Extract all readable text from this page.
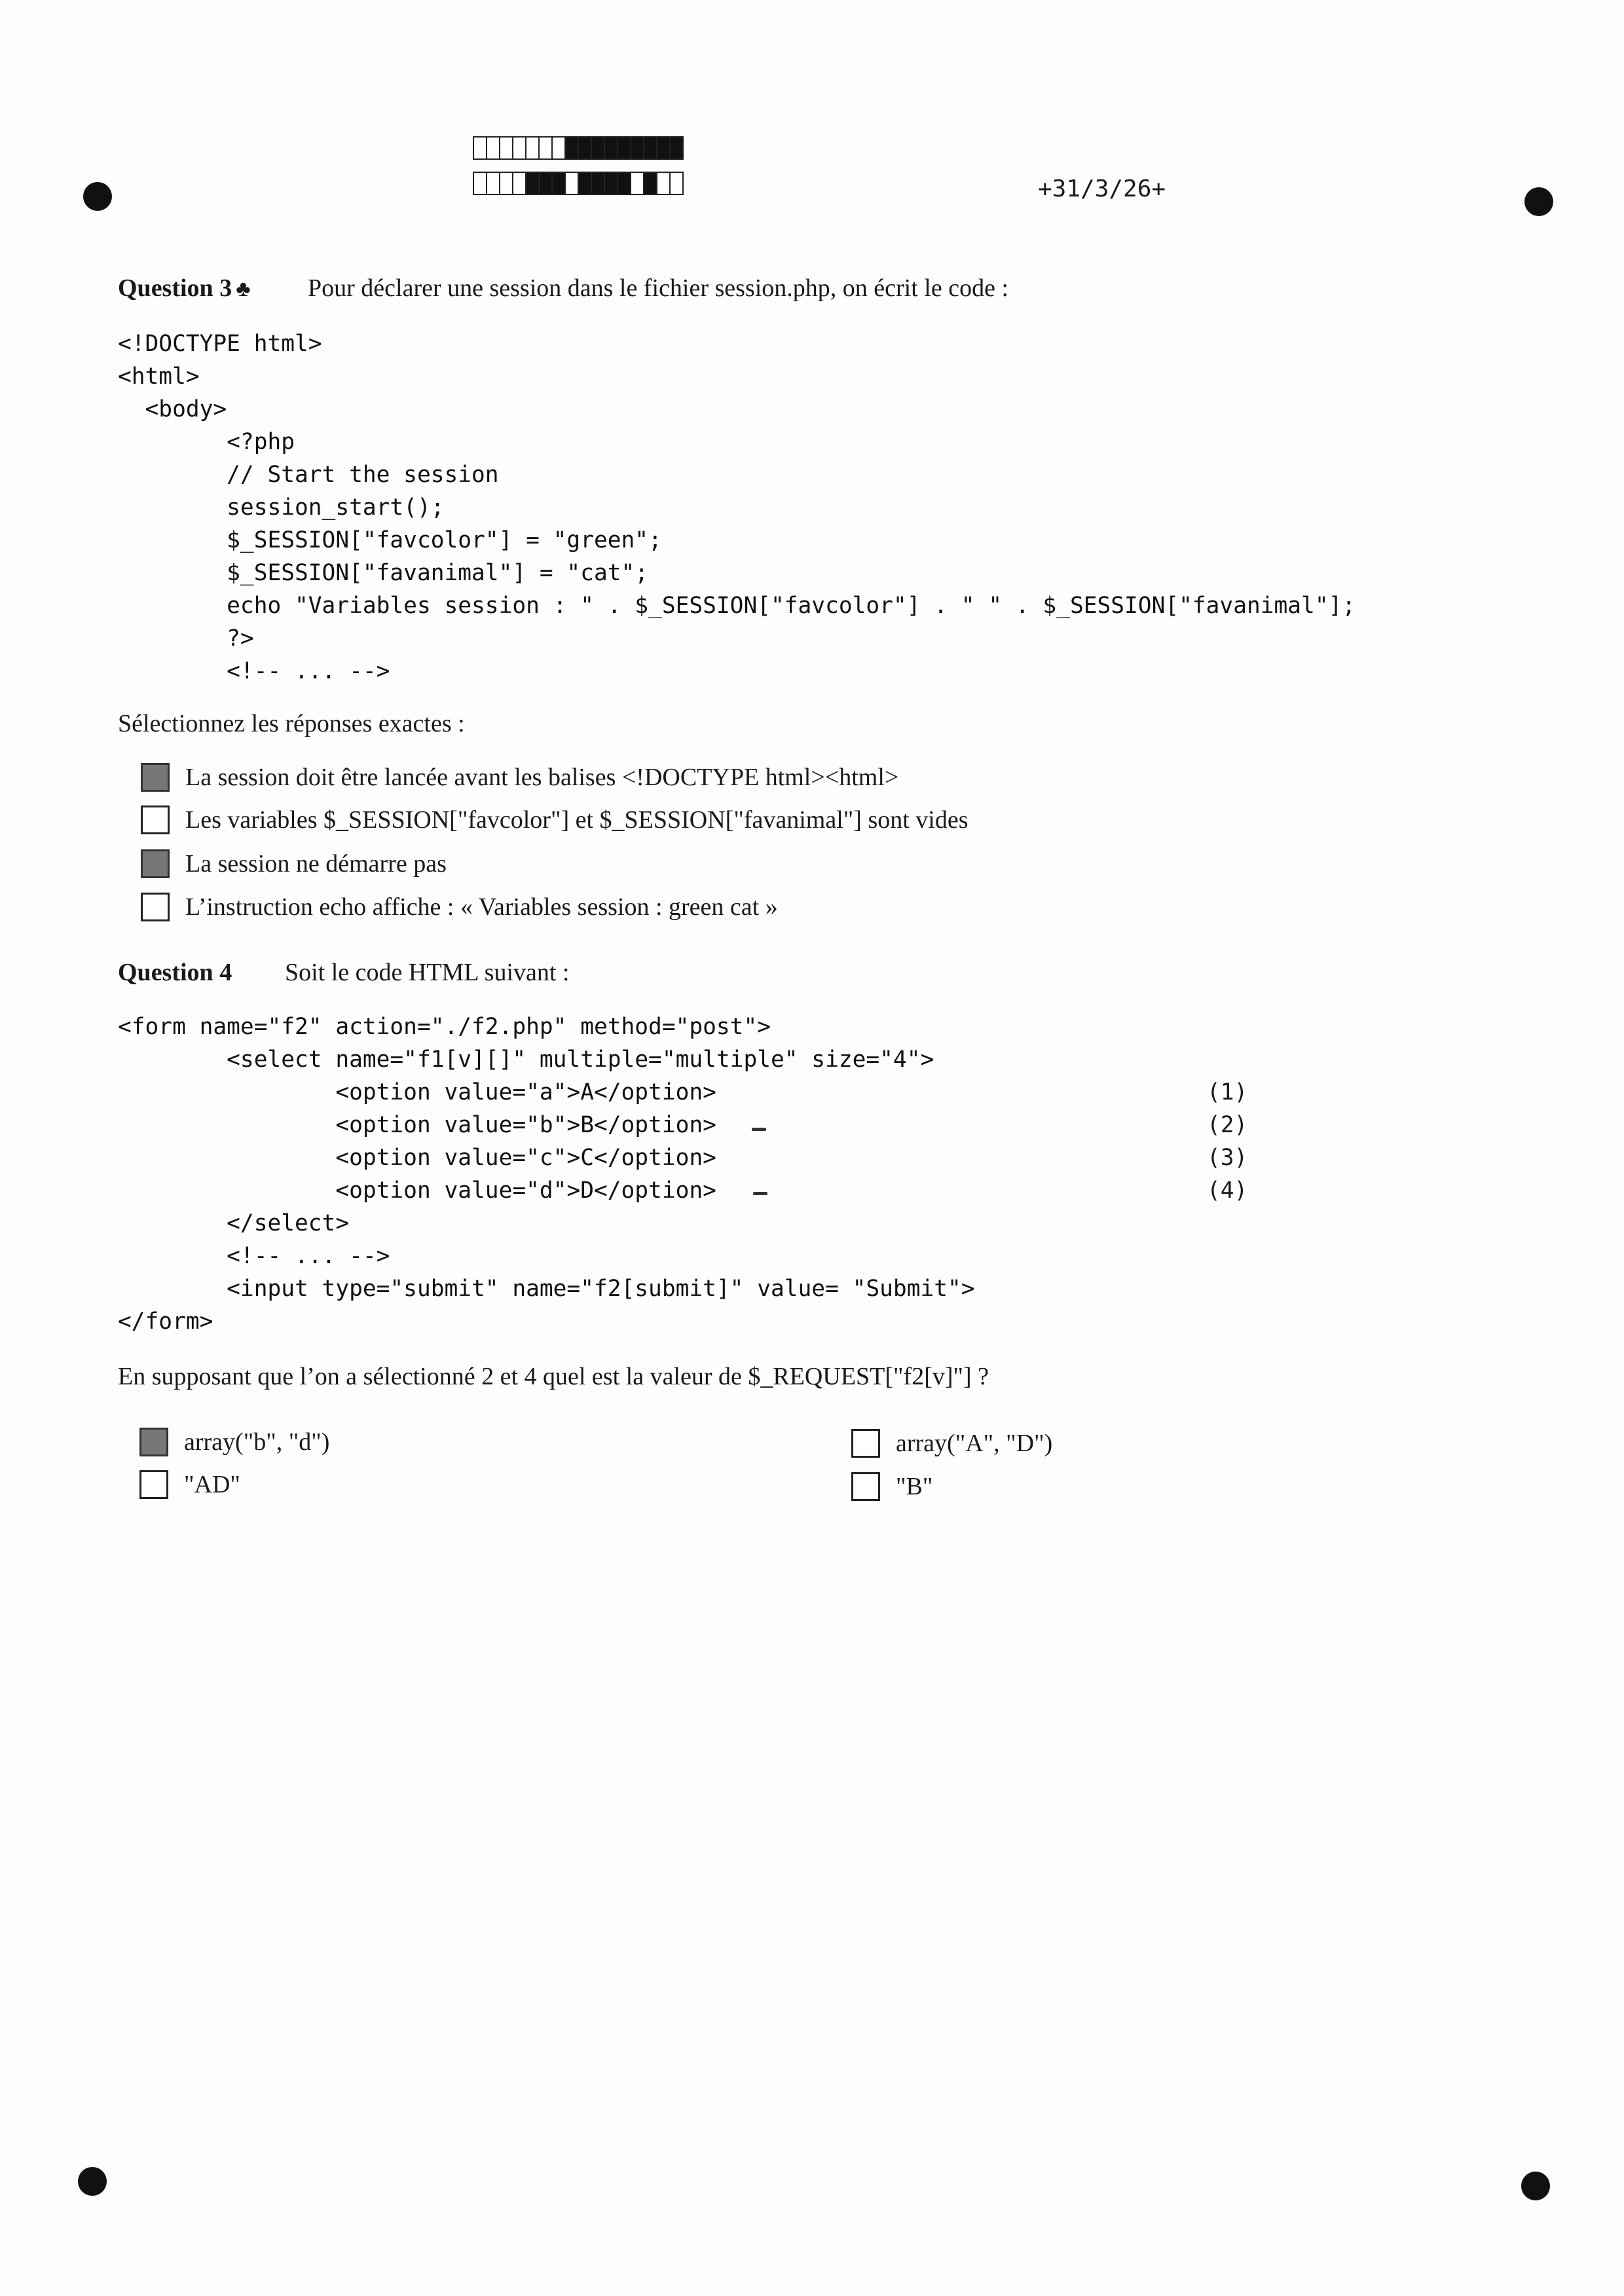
+31/3/26+
Question 3 ♣ Pour déclarer une session dans le fichier session.php, on écrit le code :
<!DOCTYPE html>
<html>
<body>
<?php
// Start the session
session_start();
$_SESSION["favcolor"] = "green";
$_SESSION["favanimal"] = "cat";
echo "Variables session : " . $_SESSION["favcolor"] . " " . $_SESSION["favanimal"];
?>
<!-- ... -->
Sélectionnez les réponses exactes :
La session doit être lancée avant les balises <!DOCTYPE html><html>
Les variables $_SESSION["favcolor"] et $_SESSION["favanimal"] sont vides
La session ne démarre pas
L’instruction echo affiche : « Variables session : green cat »
Question 4 Soit le code HTML suivant :
<form name="f2" action="./f2.php" method="post">
<select name="f1[v][]" multiple="multiple" size="4">
<option value="a">A</option>
<option value="b">B</option>
<option value="c">C</option>
<option value="d">D</option>
</select>
<!-- ... -->
<input type="submit" name="f2[submit]" value= "Submit">
</form>
(1)
(2)
(3)
(4)
En supposant que l’on a sélectionné 2 et 4 quel est la valeur de $_REQUEST["f2[v]"] ?
array("b", "d")	array("A", "D")
"AD"	"B"
